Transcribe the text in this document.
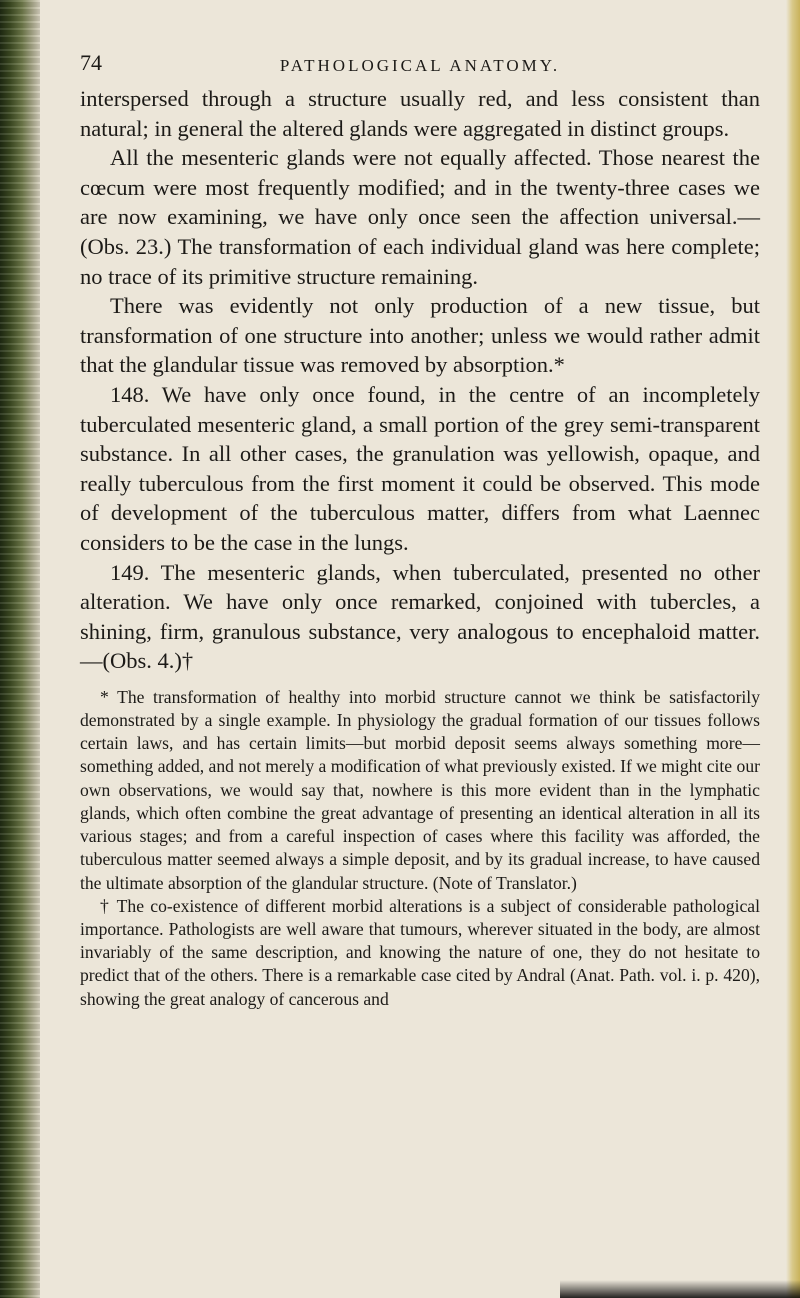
74	PATHOLOGICAL ANATOMY.

interspersed through a structure usually red, and less consistent than natural; in general the altered glands were aggregated in distinct groups.

All the mesenteric glands were not equally affected. Those nearest the cœcum were most frequently modified; and in the twenty-three cases we are now examining, we have only once seen the affection universal.—(Obs. 23.) The transformation of each individual gland was here complete; no trace of its primitive structure remaining.

There was evidently not only production of a new tissue, but transformation of one structure into another; unless we would rather admit that the glandular tissue was removed by absorption.*

148. We have only once found, in the centre of an incompletely tuberculated mesenteric gland, a small portion of the grey semi-transparent substance. In all other cases, the granulation was yellowish, opaque, and really tuberculous from the first moment it could be observed. This mode of development of the tuberculous matter, differs from what Laennec considers to be the case in the lungs.

149. The mesenteric glands, when tuberculated, presented no other alteration. We have only once remarked, conjoined with tubercles, a shining, firm, granulous substance, very analogous to encephaloid matter.—(Obs. 4.)†

* The transformation of healthy into morbid structure cannot we think be satisfactorily demonstrated by a single example. In physiology the gradual formation of our tissues follows certain laws, and has certain limits—but morbid deposit seems always something more—something added, and not merely a modification of what previously existed. If we might cite our own observations, we would say that, nowhere is this more evident than in the lymphatic glands, which often combine the great advantage of presenting an identical alteration in all its various stages; and from a careful inspection of cases where this facility was afforded, the tuberculous matter seemed always a simple deposit, and by its gradual increase, to have caused the ultimate absorption of the glandular structure. (Note of Translator.)

† The co-existence of different morbid alterations is a subject of considerable pathological importance. Pathologists are well aware that tumours, wherever situated in the body, are almost invariably of the same description, and knowing the nature of one, they do not hesitate to predict that of the others. There is a remarkable case cited by Andral (Anat. Path. vol. i. p. 420), showing the great analogy of cancerous and
